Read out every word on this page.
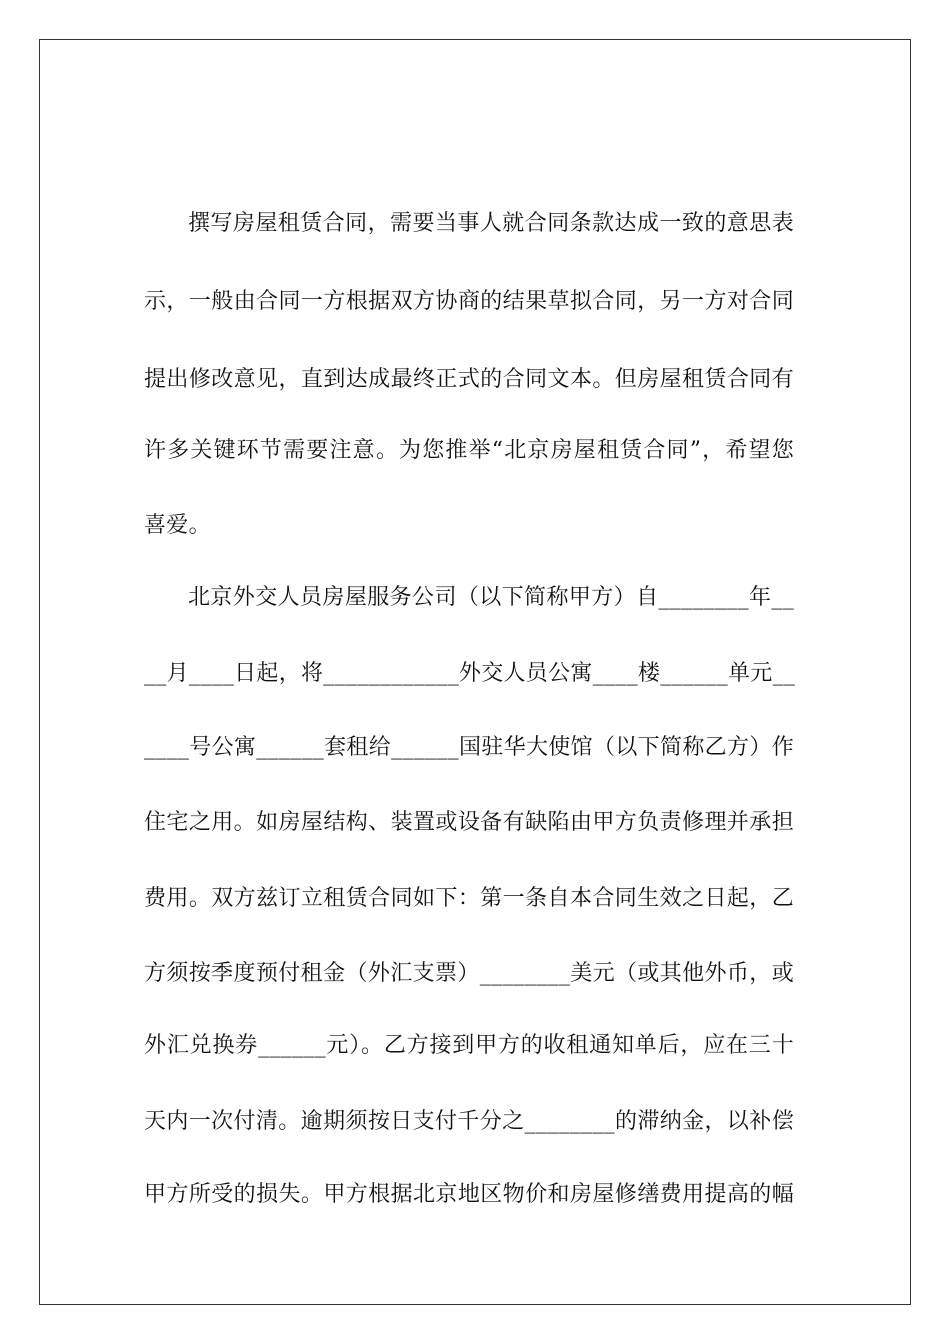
撰写房屋租赁合同，需要当事人就合同条款达成一致的意思表
示，一般由合同一方根据双方协商的结果草拟合同，另一方对合同
提出修改意见，直到达成最终正式的合同文本。但房屋租赁合同有
许多关键环节需要注意。为您推举“北京房屋租赁合同”，希望您
喜爱。
北京外交人员房屋服务公司（以下简称甲方）自________年__
__月____日起，将____________外交人员公寓____楼______单元__
____号公寓______套租给______国驻华大使馆（以下简称乙方）作
住宅之用。如房屋结构、装置或设备有缺陷由甲方负责修理并承担
费用。双方兹订立租赁合同如下：第一条自本合同生效之日起，乙
方须按季度预付租金（外汇支票）________美元（或其他外币，或
外汇兑换券______元）。乙方接到甲方的收租通知单后，应在三十
天内一次付清。逾期须按日支付千分之________的滞纳金，以补偿
甲方所受的损失。甲方根据北京地区物价和房屋修缮费用提高的幅
